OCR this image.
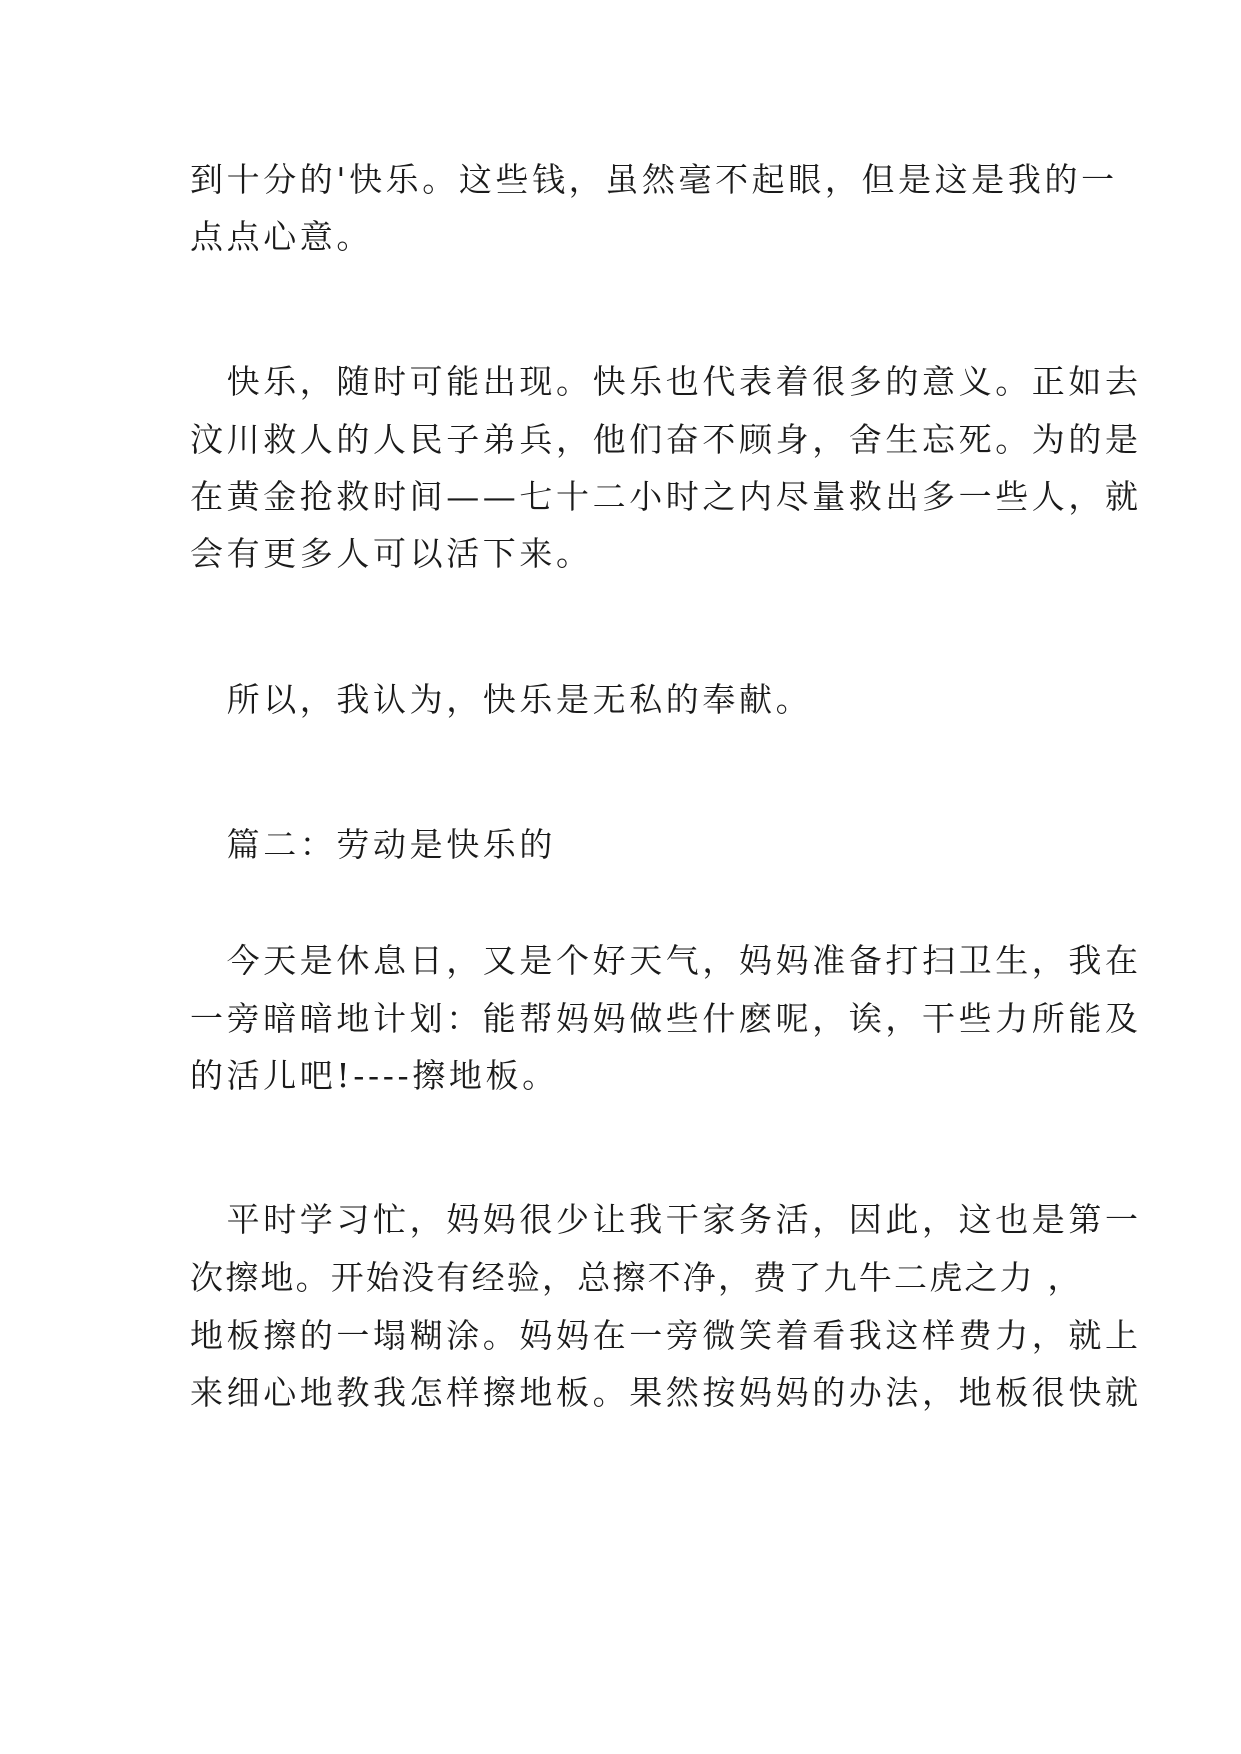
到十分的'快乐。这些钱，虽然毫不起眼，但是这是我的一
点点心意。
　快乐，随时可能出现。快乐也代表着很多的意义。正如去
汶川救人的人民子弟兵，他们奋不顾身，舍生忘死。为的是
在黄金抢救时间——七十二小时之内尽量救出多一些人，就
会有更多人可以活下来。
　所以，我认为，快乐是无私的奉献。
　篇二：劳动是快乐的
　今天是休息日，又是个好天气，妈妈准备打扫卫生，我在
一旁暗暗地计划：能帮妈妈做些什麽呢，诶，干些力所能及
的活儿吧!----擦地板。
　平时学习忙，妈妈很少让我干家务活，因此，这也是第一
次擦地。开始没有经验，总擦不净，费了九牛二虎之力 ，
地板擦的一塌糊涂。妈妈在一旁微笑着看我这样费力，就上
来细心地教我怎样擦地板。果然按妈妈的办法，地板很快就
